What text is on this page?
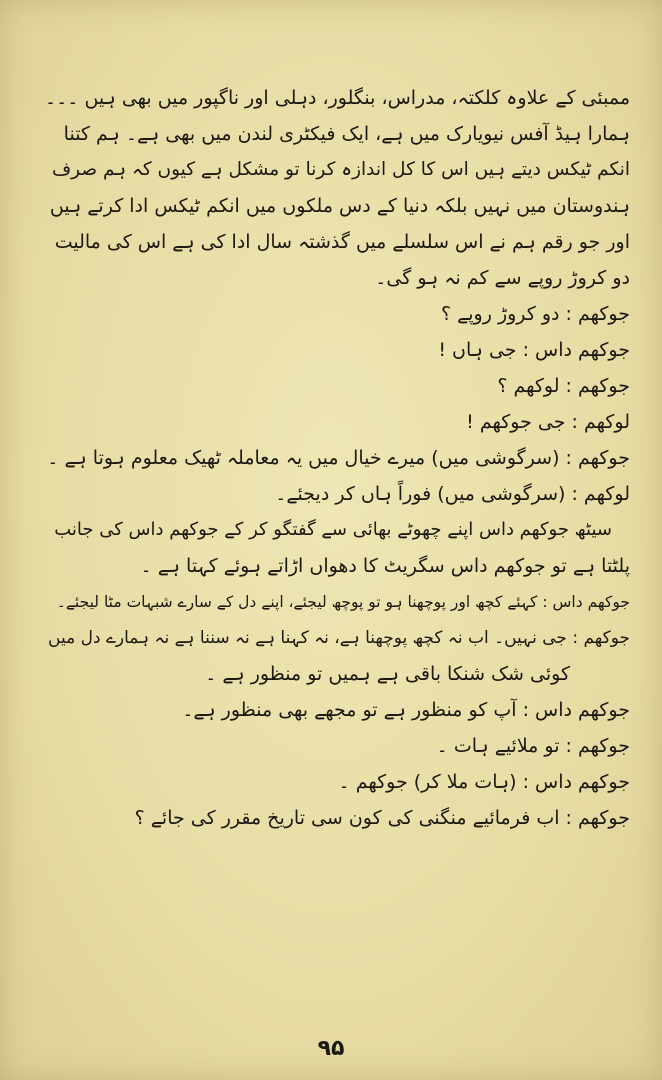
ممبئی کے علاوہ کلکتہ، مدراس، بنگلور، دہلی اور ناگپور میں بھی ہیں ۔۔۔
ہمارا ہیڈ آفس نیویارک میں ہے، ایک فیکٹری لندن میں بھی ہے۔ ہم کتنا
انکم ٹیکس دیتے ہیں اس کا کل اندازہ کرنا تو مشکل ہے کیوں کہ ہم صرف
ہندوستان میں نہیں بلکہ دنیا کے دس ملکوں میں انکم ٹیکس ادا کرتے ہیں
اور جو رقم ہم نے اس سلسلے میں گذشتہ سال ادا کی ہے اس کی مالیت
دو کروڑ روپے سے کم نہ ہو گی۔
جوکھم : دو کروڑ روپے ؟
جوکھم داس : جی ہاں !
جوکھم : لوکھم ؟
لوکھم : جی جوکھم !
جوکھم : (سرگوشی میں) میرے خیال میں یہ معاملہ ٹھیک معلوم ہوتا ہے ۔
لوکھم : (سرگوشی میں) فوراً ہاں کر دیجئے۔
سیٹھ جوکھم داس اپنے چھوٹے بھائی سے گفتگو کر کے جوکھم داس کی جانب
پلٹتا ہے تو جوکھم داس سگریٹ کا دھواں اڑاتے ہوئے کہتا ہے ۔
جوکھم داس : کہئے کچھ اور پوچھنا ہو تو پوچھ لیجئے، اپنے دل کے سارے شبہات مٹا لیجئے۔
جوکھم : جی نہیں۔ اب نہ کچھ پوچھنا ہے، نہ کہنا ہے نہ سننا ہے نہ ہمارے دل میں
کوئی شک شنکا باقی ہے ہمیں تو منظور ہے ۔
جوکھم داس : آپ کو منظور ہے تو مجھے بھی منظور ہے۔
جوکھم : تو ملائیے ہات ۔
جوکھم داس : (ہات ملا کر) جوکھم ۔
جوکھم : اب فرمائیے منگنی کی کون سی تاریخ مقرر کی جائے ؟
۹۵
